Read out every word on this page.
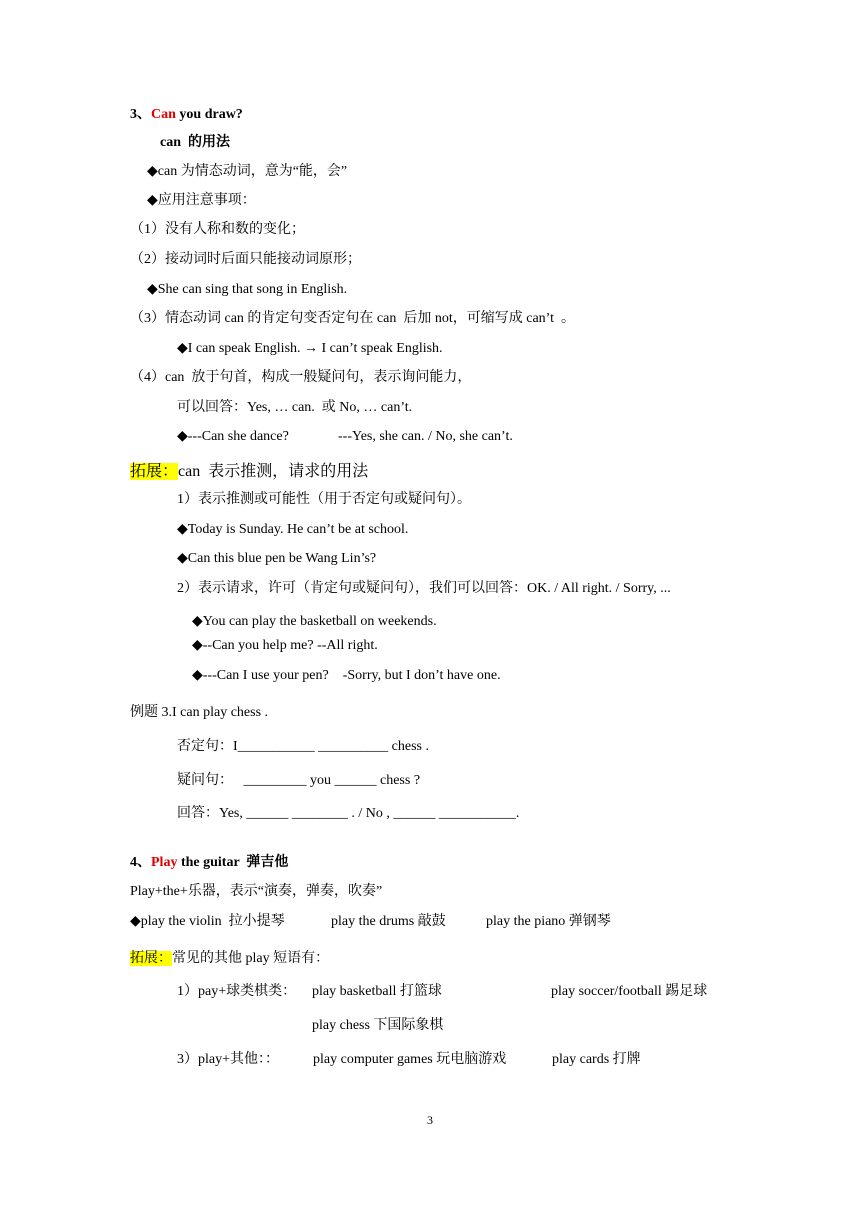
3、Can you draw?
can  的用法
◆can 为情态动词，意为“能，会”
◆应用注意事项：
（1）没有人称和数的变化；
（2）接动词时后面只能接动词原形；
◆She can sing that song in English.
（3）情态动词 can 的肯定句变否定句在 can  后加 not，可缩写成 can’t  。
◆I can speak English. → I can’t speak English.
（4）can  放于句首，构成一般疑问句，表示询问能力，
可以回答：Yes, … can.  或 No, … can’t.
◆---Can she dance?	---Yes, she can. / No, she can’t.
拓展：can  表示推测，请求的用法
1）表示推测或可能性（用于否定句或疑问句）。
◆Today is Sunday. He can’t be at school.
◆Can this blue pen be Wang Lin’s?
2）表示请求，许可（肯定句或疑问句），我们可以回答：OK. / All right. / Sorry, ...
◆You can play the basketball on weekends.
◆--Can you help me? --All right.
◆---Can I use your pen?    -Sorry, but I don’t have one.
例题 3.I can play chess .
否定句：I___________ __________ chess .
疑问句：   _________ you ______ chess ?
回答：Yes, ______ ________ . / No , ______ ___________.
4、Play the guitar  弹吉他
Play+the+乐器，表示“演奏，弹奏，吹奏”
◆play the violin  拉小提琴	play the drums 敲鼓	play the piano 弹钢琴
拓展：常见的其他 play 短语有：
1）pay+球类棋类： play basketball 打篮球	play soccer/football 踢足球
play chess 下国际象棋
3）play+其他：： play computer games 玩电脑游戏	play cards 打牌
3
